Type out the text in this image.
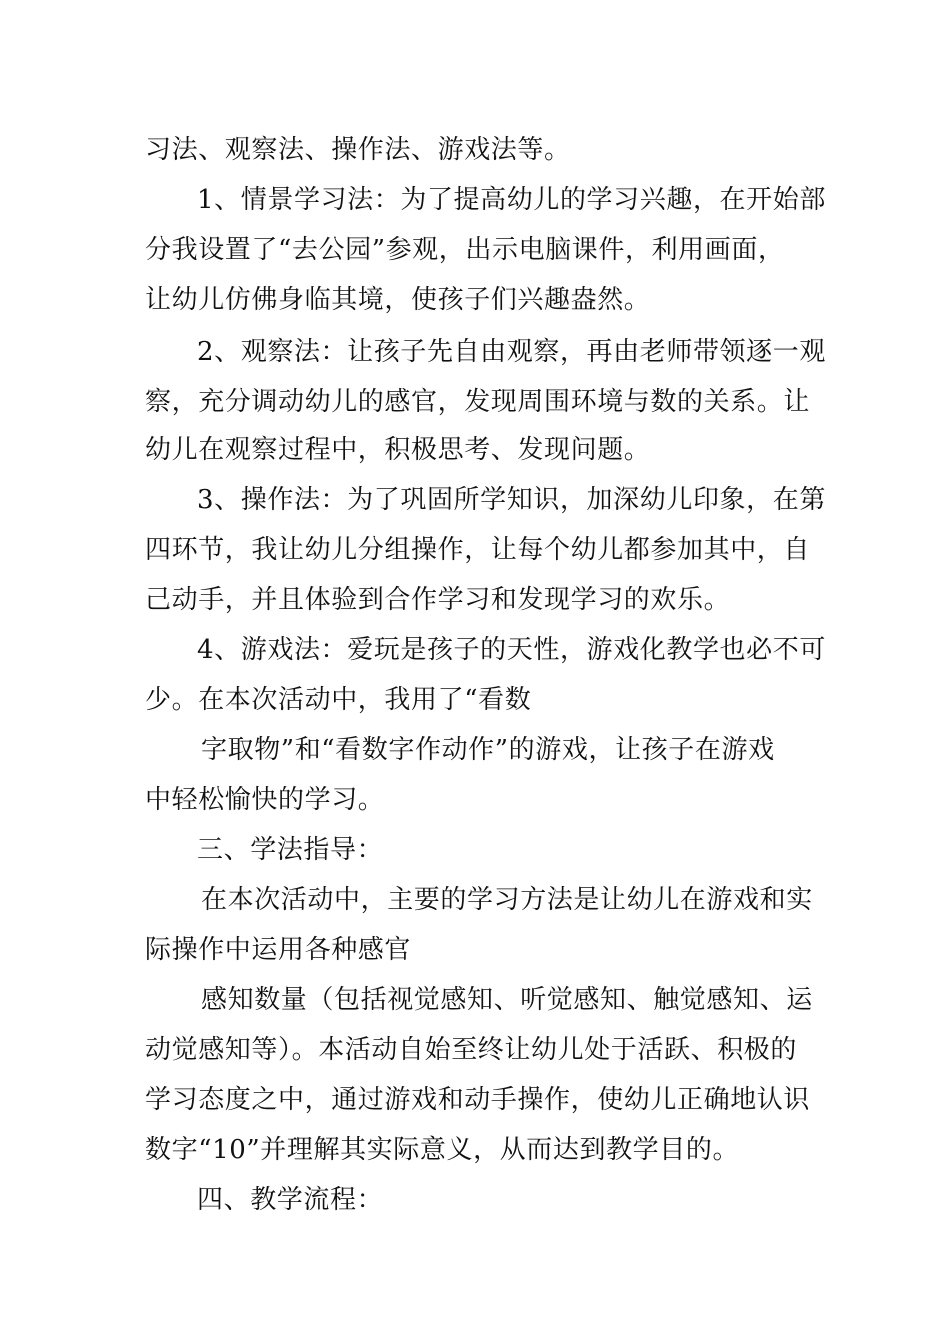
习法、观察法、操作法、游戏法等。
1、情景学习法：为了提高幼儿的学习兴趣，在开始部
分我设置了“去公园”参观，出示电脑课件，利用画面，
让幼儿仿佛身临其境，使孩子们兴趣盎然。
2、观察法：让孩子先自由观察，再由老师带领逐一观
察，充分调动幼儿的感官，发现周围环境与数的关系。让
幼儿在观察过程中，积极思考、发现问题。
3、操作法：为了巩固所学知识，加深幼儿印象，在第
四环节，我让幼儿分组操作，让每个幼儿都参加其中，自
己动手，并且体验到合作学习和发现学习的欢乐。
4、游戏法：爱玩是孩子的天性，游戏化教学也必不可
少。在本次活动中，我用了“看数
字取物”和“看数字作动作”的游戏，让孩子在游戏
中轻松愉快的学习。
三、学法指导：
在本次活动中，主要的学习方法是让幼儿在游戏和实
际操作中运用各种感官
感知数量（包括视觉感知、听觉感知、触觉感知、运
动觉感知等）。本活动自始至终让幼儿处于活跃、积极的
学习态度之中，通过游戏和动手操作，使幼儿正确地认识
数字“10”并理解其实际意义，从而达到教学目的。
四、教学流程：
